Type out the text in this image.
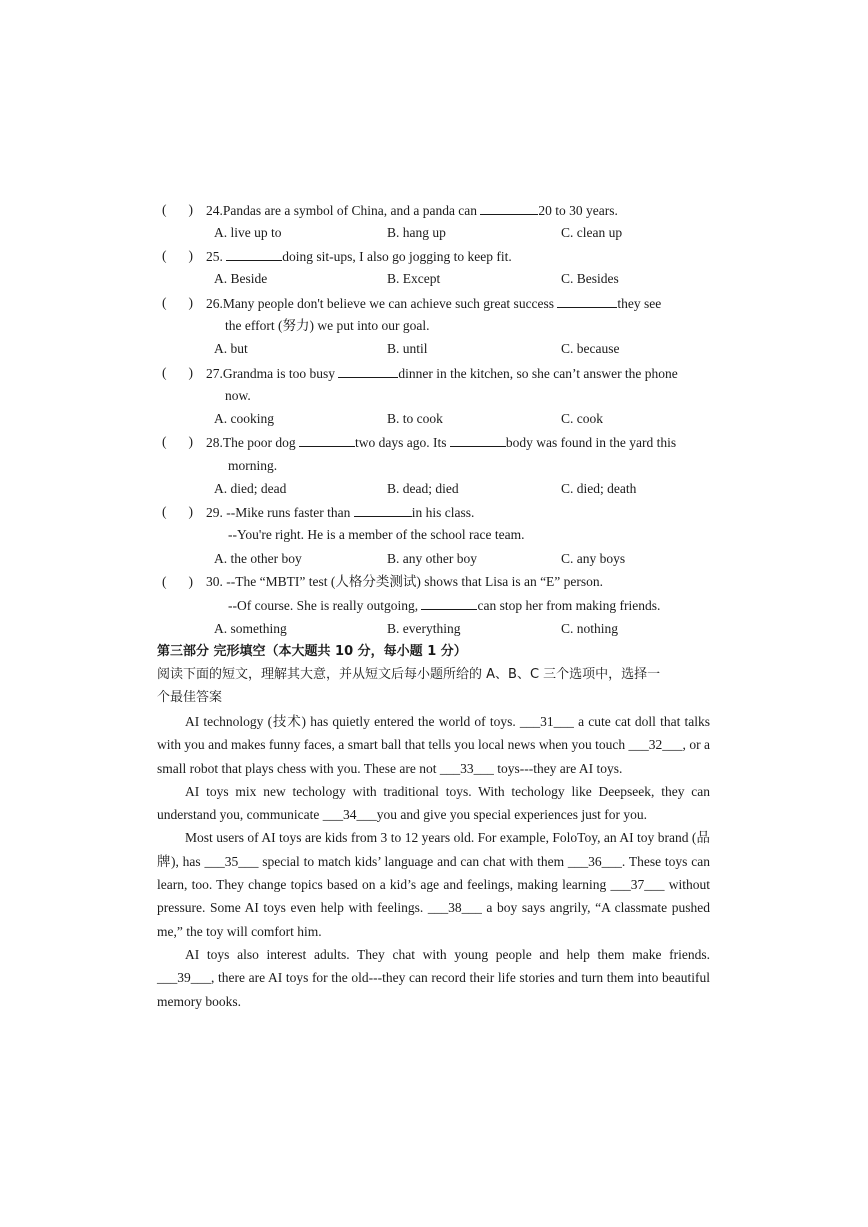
( ) 24.Pandas are a symbol of China, and a panda can	20 to 30 years.
A. live up to	B. hang up	C. clean up
( ) 25.	doing sit-ups, I also go jogging to keep fit.
A. Beside	B. Except	C. Besides
( ) 26.Many people don't believe we can achieve such great success	they see
the effort (努力) we put into our goal.
A. but	B. until	C. because
( ) 27.Grandma is too busy	dinner in the kitchen, so she can’t answer the phone
now.
A. cooking	B. to cook	C. cook
( ) 28.The poor dog	two days ago. Its	body was found in the yard this
morning.
A. died; dead	B. dead; died	C. died; death
( ) 29. --Mike runs faster than	in his class.
--You're right. He is a member of the school race team.
A. the other boy	B. any other boy	C. any boys
( ) 30. --The “MBTI” test (人格分类测试) shows that Lisa is an “E” person.
--Of course. She is really outgoing,	can stop her from making friends.
A. something	B. everything	C. nothing
第三部分 完形填空（本大题共 10 分，每小题 1 分）
阅读下面的短文，理解其大意，并从短文后每小题所给的 A、B、C 三个选项中，选择一
个最佳答案

AI technology (技术) has quietly entered the world of toys. ___31___ a cute cat doll that talks with you and makes funny faces, a smart ball that tells you local news when you touch ___32___, or a small robot that plays chess with you. These are not ___33___ toys---they are AI toys.

AI toys mix new techology with traditional toys. With techology like Deepseek, they can understand you, communicate ___34___you and give you special experiences just for you.

Most users of AI toys are kids from 3 to 12 years old. For example, FoloToy, an AI toy brand (品牌), has ___35___ special to match kids’ language and can chat with them ___36___. These toys can learn, too. They change topics based on a kid’s age and feelings, making learning ___37___ without pressure. Some AI toys even help with feelings. ___38___ a boy says angrily, “A classmate pushed me,” the toy will comfort him.

AI toys also interest adults. They chat with young people and help them make friends. ___39___, there are AI toys for the old---they can record their life stories and turn them into beautiful memory books.
